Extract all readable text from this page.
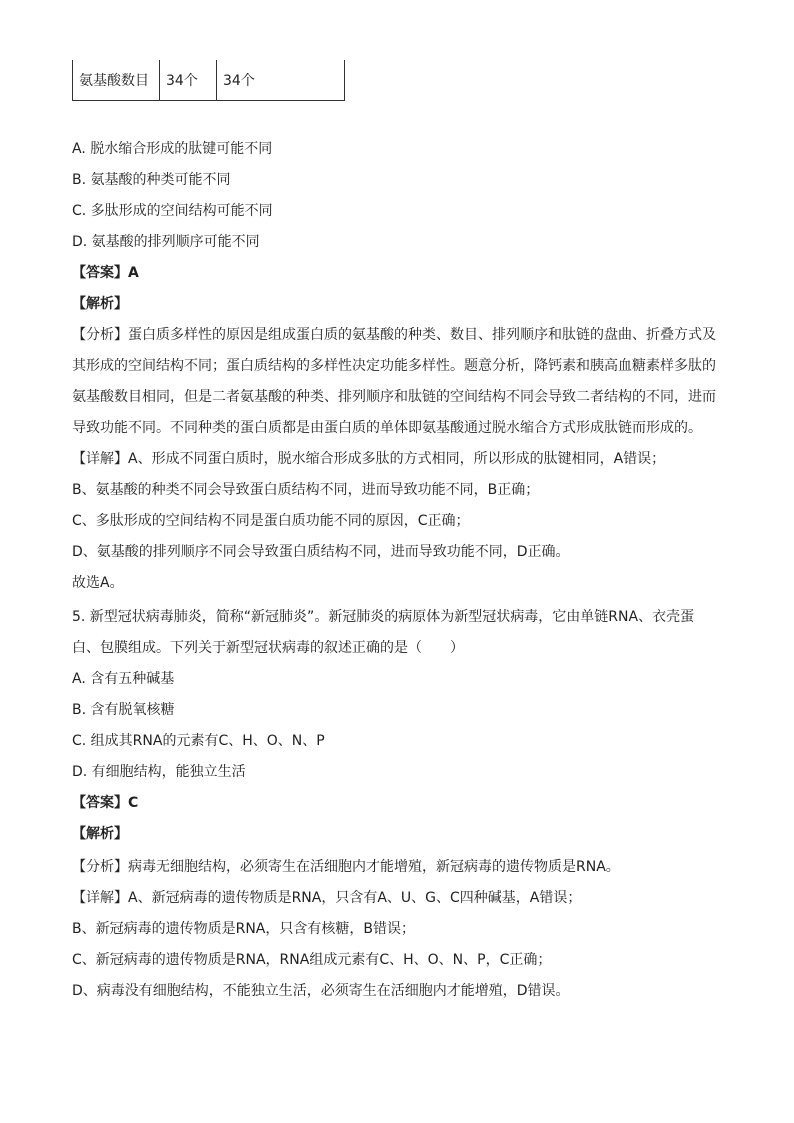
氨基酸数目	34个	34个
A. 脱水缩合形成的肽键可能不同
B. 氨基酸的种类可能不同
C. 多肽形成的空间结构可能不同
D. 氨基酸的排列顺序可能不同
【答案】A
【解析】
【分析】蛋白质多样性的原因是组成蛋白质的氨基酸的种类、数目、排列顺序和肽链的盘曲、折叠方式及
其形成的空间结构不同；蛋白质结构的多样性决定功能多样性。题意分析，降钙素和胰高血糖素样多肽的
氨基酸数目相同，但是二者氨基酸的种类、排列顺序和肽链的空间结构不同会导致二者结构的不同，进而
导致功能不同。不同种类的蛋白质都是由蛋白质的单体即氨基酸通过脱水缩合方式形成肽链而形成的。
【详解】A、形成不同蛋白质时，脱水缩合形成多肽的方式相同，所以形成的肽键相同，A错误；
B、氨基酸的种类不同会导致蛋白质结构不同，进而导致功能不同，B正确；
C、多肽形成的空间结构不同是蛋白质功能不同的原因，C正确；
D、氨基酸的排列顺序不同会导致蛋白质结构不同，进而导致功能不同，D正确。
故选A。
5. 新型冠状病毒肺炎，简称“新冠肺炎”。新冠肺炎的病原体为新型冠状病毒，它由单链RNA、衣壳蛋
白、包膜组成。下列关于新型冠状病毒的叙述正确的是（　　）
A. 含有五种碱基
B. 含有脱氧核糖
C. 组成其RNA的元素有C、H、O、N、P
D. 有细胞结构，能独立生活
【答案】C
【解析】
【分析】病毒无细胞结构，必须寄生在活细胞内才能增殖，新冠病毒的遗传物质是RNA。
【详解】A、新冠病毒的遗传物质是RNA，只含有A、U、G、C四种碱基，A错误；
B、新冠病毒的遗传物质是RNA，只含有核糖，B错误；
C、新冠病毒的遗传物质是RNA，RNA组成元素有C、H、O、N、P，C正确；
D、病毒没有细胞结构，不能独立生活，必须寄生在活细胞内才能增殖，D错误。
